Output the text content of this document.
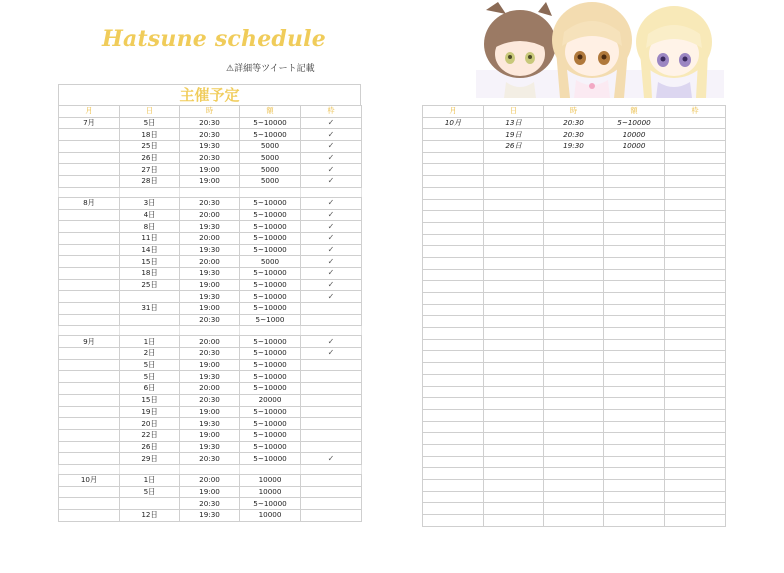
Hatsune schedule
⚠詳細等ツイート記載
主催予定
月	日	時	額	枠
7月	5日	20:30	5~10000	✓
	18日	20:30	5~10000	✓
	25日	19:30	5000	✓
	26日	20:30	5000	✓
	27日	19:00	5000	✓
	28日	19:00	5000	✓

8月	3日	20:30	5~10000	✓
	4日	20:00	5~10000	✓
	8日	19:30	5~10000	✓
	11日	20:00	5~10000	✓
	14日	19:30	5~10000	✓
	15日	20:00	5000	✓
	18日	19:30	5~10000	✓
	25日	19:00	5~10000	✓
		19:30	5~10000	✓
	31日	19:00	5~10000	
		20:30	5~1000	

9月	1日	20:00	5~10000	✓
	2日	20:30	5~10000	✓
	5日	19:00	5~10000	
	5日	19:30	5~10000	
	6日	20:00	5~10000	
	15日	20:30	20000	
	19日	19:00	5~10000	
	20日	19:30	5~10000	
	22日	19:00	5~10000	
	26日	19:30	5~10000	
	29日	20:30	5~10000	✓

10月	1日	20:00	10000	
	5日	19:00	10000	
		20:30	5~10000	
	12日	19:30	10000	
月	日	時	額	枠
10月	13日	20:30	5~10000	
	19日	20:30	10000	
	26日	19:30	10000	
